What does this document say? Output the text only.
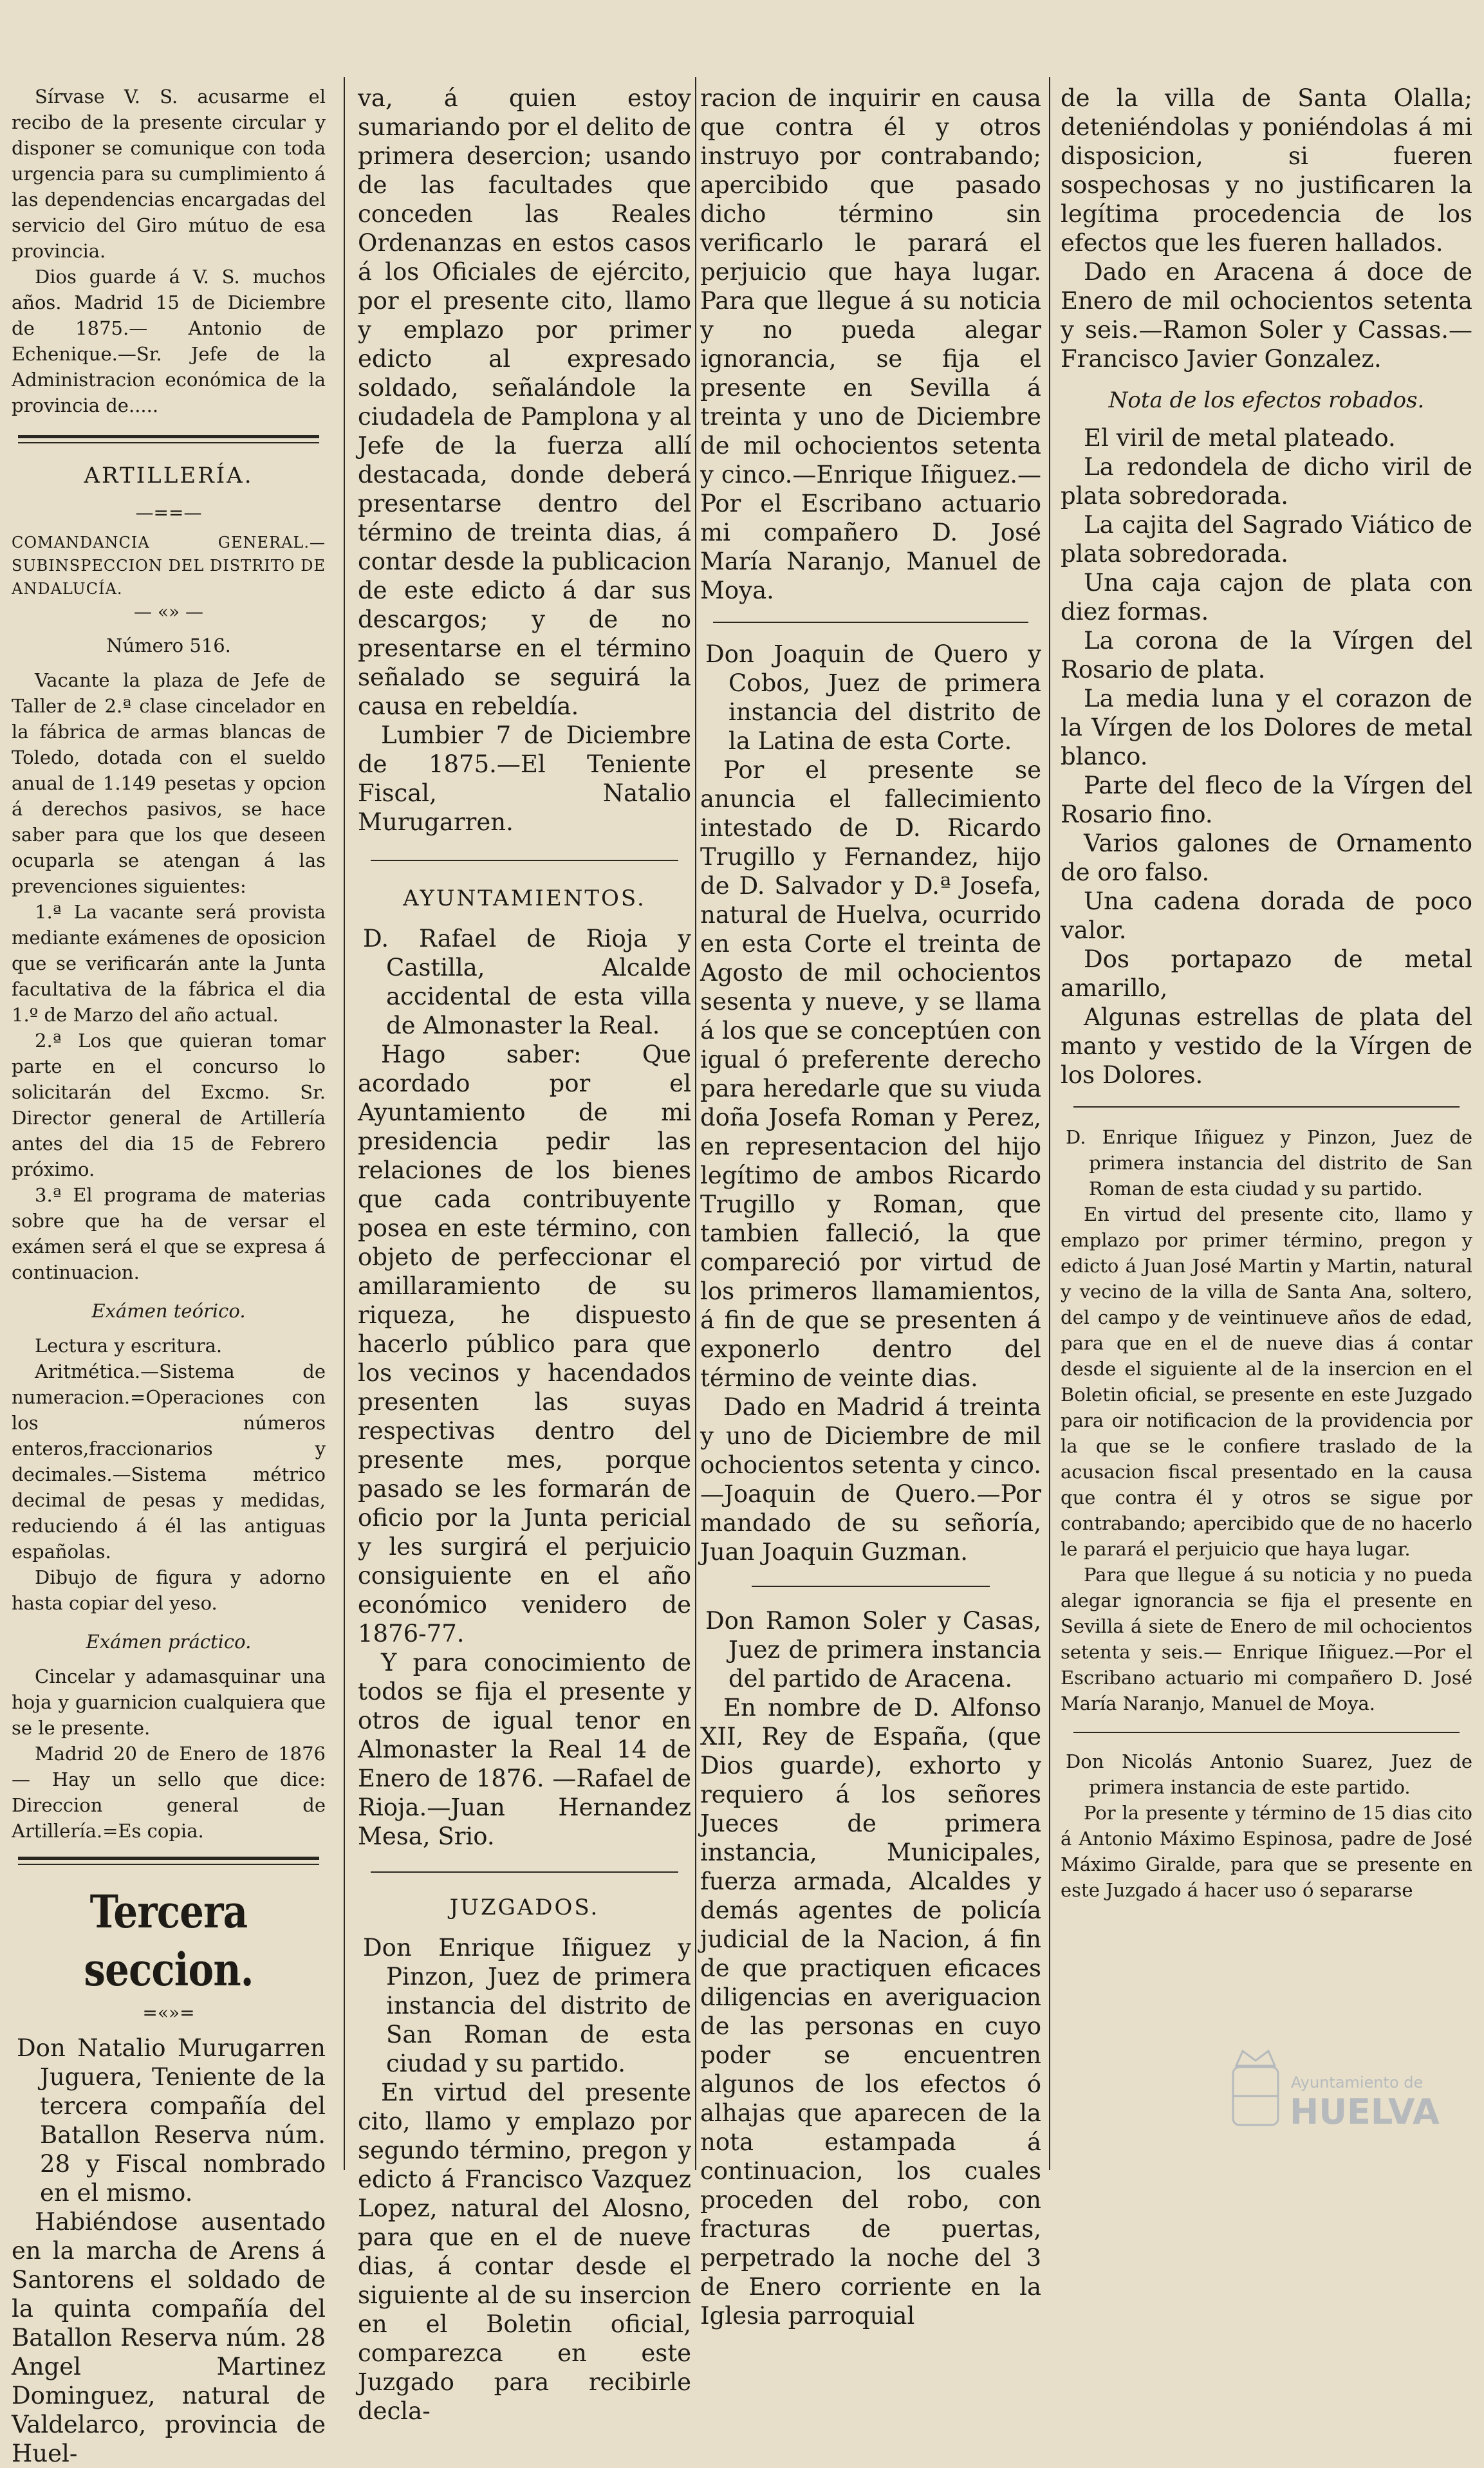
Sírvase V. S. acusarme el recibo de la presente circular y disponer se comunique con toda urgencia para su cumplimiento á las dependencias encargadas del servicio del Giro mútuo de esa provincia.

Dios guarde á V. S. muchos años. Madrid 15 de Diciembre de 1875.— Antonio de Echenique.—Sr. Jefe de la Administracion económica de la provincia de.....

ARTILLERÍA.

—==—

COMANDANCIA GENERAL.—SUBINSPECCION DEL DISTRITO DE ANDALUCÍA.

— «» —

Número 516.

Vacante la plaza de Jefe de Taller de 2.ª clase cincelador en la fábrica de armas blancas de Toledo, dotada con el sueldo anual de 1.149 pesetas y opcion á derechos pasivos, se hace saber para que los que deseen ocuparla se atengan á las prevenciones siguientes:

1.ª La vacante será provista mediante exámenes de oposicion que se verificarán ante la Junta facultativa de la fábrica el dia 1.º de Marzo del año actual.

2.ª Los que quieran tomar parte en el concurso lo solicitarán del Excmo. Sr. Director general de Artillería antes del dia 15 de Febrero próximo.

3.ª El programa de materias sobre que ha de versar el exámen será el que se expresa á continuacion.

Exámen teórico.

Lectura y escritura.

Aritmética.—Sistema de numeracion.=Operaciones con los números enteros,fraccionarios y decimales.—Sistema métrico decimal de pesas y medidas, reduciendo á él las antiguas españolas.

Dibujo de figura y adorno hasta copiar del yeso.

Exámen práctico.

Cincelar y adamasquinar una hoja y guarnicion cualquiera que se le presente.

Madrid 20 de Enero de 1876 — Hay un sello que dice: Direccion general de Artillería.=Es copia.

Tercera seccion.

=«»=

Don Natalio Murugarren Juguera, Teniente de la tercera compañía del Batallon Reserva núm. 28 y Fiscal nombrado en el mismo.

Habiéndose ausentado en la marcha de Arens á Santorens el soldado de la quinta compañía del Batallon Reserva núm. 28 Angel Martinez Dominguez, natural de Valdelarco, provincia de Huel-

va, á quien estoy sumariando por el delito de primera desercion; usando de las facultades que conceden las Reales Ordenanzas en estos casos á los Oficiales de ejército, por el presente cito, llamo y emplazo por primer edicto al expresado soldado, señalándole la ciudadela de Pamplona y al Jefe de la fuerza allí destacada, donde deberá presentarse dentro del término de treinta dias, á contar desde la publicacion de este edicto á dar sus descargos; y de no presentarse en el término señalado se seguirá la causa en rebeldía.

Lumbier 7 de Diciembre de 1875.—El Teniente Fiscal, Natalio Murugarren.

AYUNTAMIENTOS.

D. Rafael de Rioja y Castilla, Alcalde accidental de esta villa de Almonaster la Real.

Hago saber: Que acordado por el Ayuntamiento de mi presidencia pedir las relaciones de los bienes que cada contribuyente posea en este término, con objeto de perfeccionar el amillaramiento de su riqueza, he dispuesto hacerlo público para que los vecinos y hacendados presenten las suyas respectivas dentro del presente mes, porque pasado se les formarán de oficio por la Junta pericial y les surgirá el perjuicio consiguiente en el año económico venidero de 1876-77.

Y para conocimiento de todos se fija el presente y otros de igual tenor en Almonaster la Real 14 de Enero de 1876. —Rafael de Rioja.—Juan Hernandez Mesa, Srio.

JUZGADOS.

Don Enrique Iñiguez y Pinzon, Juez de primera instancia del distrito de San Roman de esta ciudad y su partido.

En virtud del presente cito, llamo y emplazo por segundo término, pregon y edicto á Francisco Vazquez Lopez, natural del Alosno, para que en el de nueve dias, á contar desde el siguiente al de su insercion en el Boletin oficial, comparezca en este Juzgado para recibirle decla-

racion de inquirir en causa que contra él y otros instruyo por contrabando; apercibido que pasado dicho término sin verificarlo le parará el perjuicio que haya lugar. Para que llegue á su noticia y no pueda alegar ignorancia, se fija el presente en Sevilla á treinta y uno de Diciembre de mil ochocientos setenta y cinco.—Enrique Iñiguez.— Por el Escribano actuario mi compañero D. José María Naranjo, Manuel de Moya.

Don Joaquin de Quero y Cobos, Juez de primera instancia del distrito de la Latina de esta Corte.

Por el presente se anuncia el fallecimiento intestado de D. Ricardo Trugillo y Fernandez, hijo de D. Salvador y D.ª Josefa, natural de Huelva, ocurrido en esta Corte el treinta de Agosto de mil ochocientos sesenta y nueve, y se llama á los que se conceptúen con igual ó preferente derecho para heredarle que su viuda doña Josefa Roman y Perez, en representacion del hijo legítimo de ambos Ricardo Trugillo y Roman, que tambien falleció, la que compareció por virtud de los primeros llamamientos, á fin de que se presenten á exponerlo dentro del término de veinte dias.

Dado en Madrid á treinta y uno de Diciembre de mil ochocientos setenta y cinco. —Joaquin de Quero.—Por mandado de su señoría, Juan Joaquin Guzman.

Don Ramon Soler y Casas, Juez de primera instancia del partido de Aracena.

En nombre de D. Alfonso XII, Rey de España, (que Dios guarde), exhorto y requiero á los señores Jueces de primera instancia, Municipales, fuerza armada, Alcaldes y demás agentes de policía judicial de la Nacion, á fin de que practiquen eficaces diligencias en averiguacion de las personas en cuyo poder se encuentren algunos de los efectos ó alhajas que aparecen de la nota estampada á continuacion, los cuales proceden del robo, con fracturas de puertas, perpetrado la noche del 3 de Enero corriente en la Iglesia parroquial

de la villa de Santa Olalla; deteniéndolas y poniéndolas á mi disposicion, si fueren sospechosas y no justificaren la legítima procedencia de los efectos que les fueren hallados.

Dado en Aracena á doce de Enero de mil ochocientos setenta y seis.—Ramon Soler y Cassas.—Francisco Javier Gonzalez.

Nota de los efectos robados.

El viril de metal plateado.

La redondela de dicho viril de plata sobredorada.

La cajita del Sagrado Viático de plata sobredorada.

Una caja cajon de plata con diez formas.

La corona de la Vírgen del Rosario de plata.

La media luna y el corazon de la Vírgen de los Dolores de metal blanco.

Parte del fleco de la Vírgen del Rosario fino.

Varios galones de Ornamento de oro falso.

Una cadena dorada de poco valor.

Dos portapazo de metal amarillo,

Algunas estrellas de plata del manto y vestido de la Vírgen de los Dolores.

D. Enrique Iñiguez y Pinzon, Juez de primera instancia del distrito de San Roman de esta ciudad y su partido.

En virtud del presente cito, llamo y emplazo por primer término, pregon y edicto á Juan José Martin y Martin, natural y vecino de la villa de Santa Ana, soltero, del campo y de veintinueve años de edad, para que en el de nueve dias á contar desde el siguiente al de la insercion en el Boletin oficial, se presente en este Juzgado para oir notificacion de la providencia por la que se le confiere traslado de la acusacion fiscal presentado en la causa que contra él y otros se sigue por contrabando; apercibido que de no hacerlo le parará el perjuicio que haya lugar.

Para que llegue á su noticia y no pueda alegar ignorancia se fija el presente en Sevilla á siete de Enero de mil ochocientos setenta y seis.— Enrique Iñiguez.—Por el Escribano actuario mi compañero D. José María Naranjo, Manuel de Moya.

Don Nicolás Antonio Suarez, Juez de primera instancia de este partido.

Por la presente y término de 15 dias cito á Antonio Máximo Espinosa, padre de José Máximo Giralde, para que se presente en este Juzgado á hacer uso ó separarse

Ayuntamiento de
HUELVA
